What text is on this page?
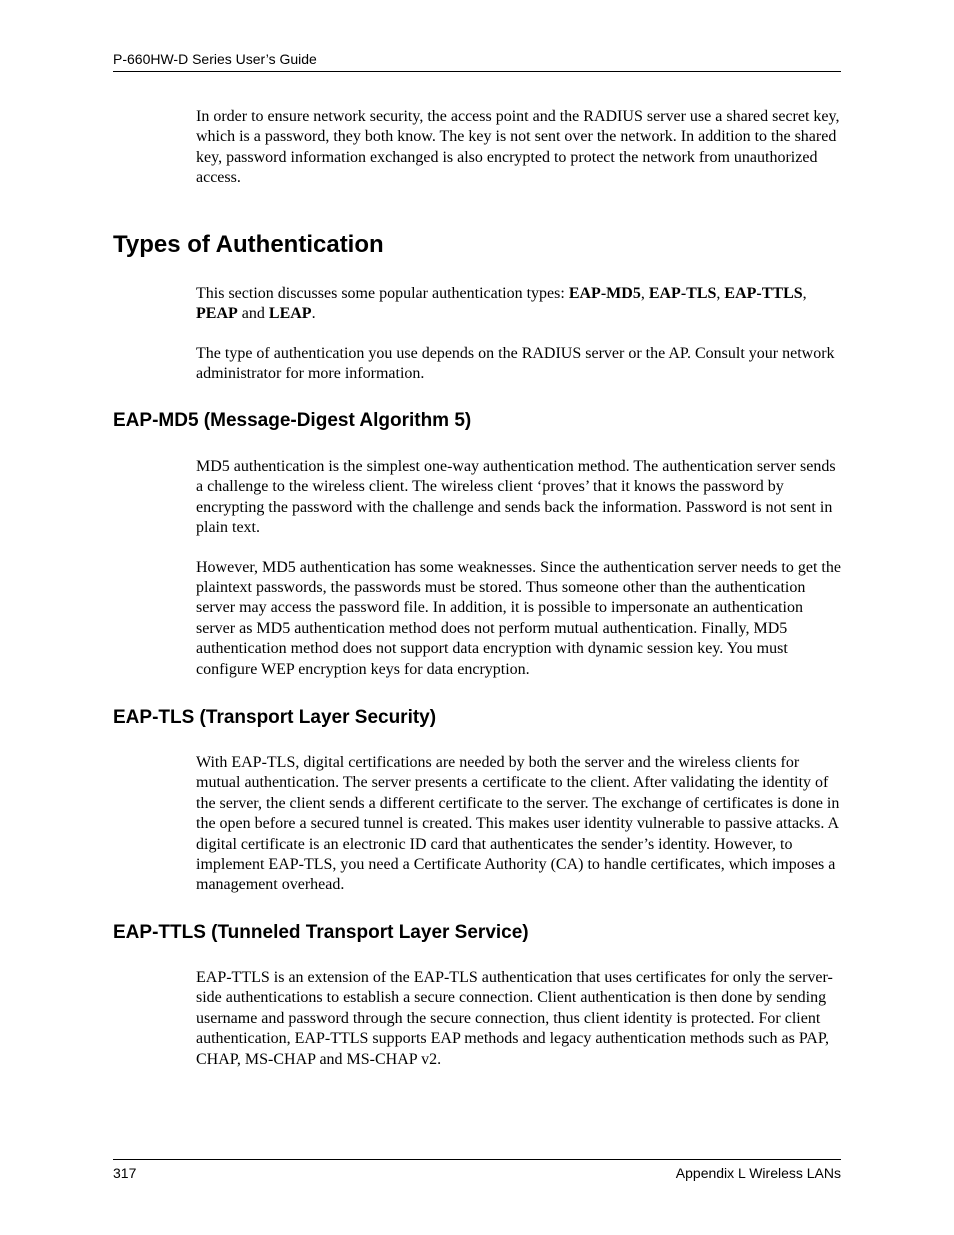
P-660HW-D Series User’s Guide

In order to ensure network security, the access point and the RADIUS server use a shared secret key, which is a password, they both know. The key is not sent over the network. In addition to the shared key, password information exchanged is also encrypted to protect the network from unauthorized access.

Types of Authentication

This section discusses some popular authentication types: EAP-MD5, EAP-TLS, EAP-TTLS, PEAP and LEAP.

The type of authentication you use depends on the RADIUS server or the AP. Consult your network administrator for more information.

EAP-MD5 (Message-Digest Algorithm 5)

MD5 authentication is the simplest one-way authentication method. The authentication server sends a challenge to the wireless client. The wireless client ‘proves’ that it knows the password by encrypting the password with the challenge and sends back the information. Password is not sent in plain text.

However, MD5 authentication has some weaknesses. Since the authentication server needs to get the plaintext passwords, the passwords must be stored. Thus someone other than the authentication server may access the password file. In addition, it is possible to impersonate an authentication server as MD5 authentication method does not perform mutual authentication. Finally, MD5 authentication method does not support data encryption with dynamic session key. You must configure WEP encryption keys for data encryption.

EAP-TLS (Transport Layer Security)

With EAP-TLS, digital certifications are needed by both the server and the wireless clients for mutual authentication. The server presents a certificate to the client. After validating the identity of the server, the client sends a different certificate to the server. The exchange of certificates is done in the open before a secured tunnel is created. This makes user identity vulnerable to passive attacks. A digital certificate is an electronic ID card that authenticates the sender’s identity. However, to implement EAP-TLS, you need a Certificate Authority (CA) to handle certificates, which imposes a management overhead.

EAP-TTLS (Tunneled Transport Layer Service)

EAP-TTLS is an extension of the EAP-TLS authentication that uses certificates for only the server-side authentications to establish a secure connection. Client authentication is then done by sending username and password through the secure connection, thus client identity is protected. For client authentication, EAP-TTLS supports EAP methods and legacy authentication methods such as PAP, CHAP, MS-CHAP and MS-CHAP v2.

317	Appendix L Wireless LANs
